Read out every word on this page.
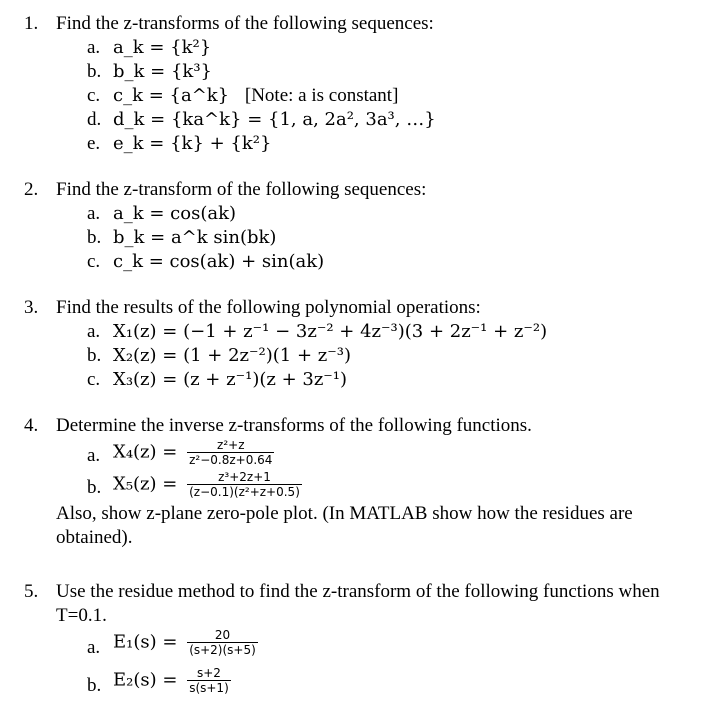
1. Find the z-transforms of the following sequences:
a. a_k = {k²}
b. b_k = {k³}
c. c_k = {a^k} [Note: a is constant]
d. d_k = {ka^k} = {1, a, 2a², 3a³, …}
e. e_k = {k} + {k²}
2. Find the z-transform of the following sequences:
a. a_k = cos(ak)
b. b_k = a^k sin(bk)
c. c_k = cos(ak) + sin(ak)
3. Find the results of the following polynomial operations:
a. X₁(z) = (−1 + z⁻¹ − 3z⁻² + 4z⁻³)(3 + 2z⁻¹ + z⁻²)
b. X₂(z) = (1 + 2z⁻²)(1 + z⁻³)
c. X₃(z) = (z + z⁻¹)(z + 3z⁻¹)
4. Determine the inverse z-transforms of the following functions.
a. $X_4(z) = \frac{\text{z²+z}}{\text{z²−0.8z+0.64}}$
b. $X_5(z) = \frac{\text{z³+2z+1}}{\text{(z−0.1)(z²+z+0.5)}}$
Also, show z-plane zero-pole plot. (In MATLAB show how the residues are obtained).
5. Use the residue method to find the z-transform of the following functions when T=0.1.
a. $E_1(s) = \frac{20}{(s+2)(s+5)}$
b. $E_2(s) = \frac{s+2}{s(s+1)}$
